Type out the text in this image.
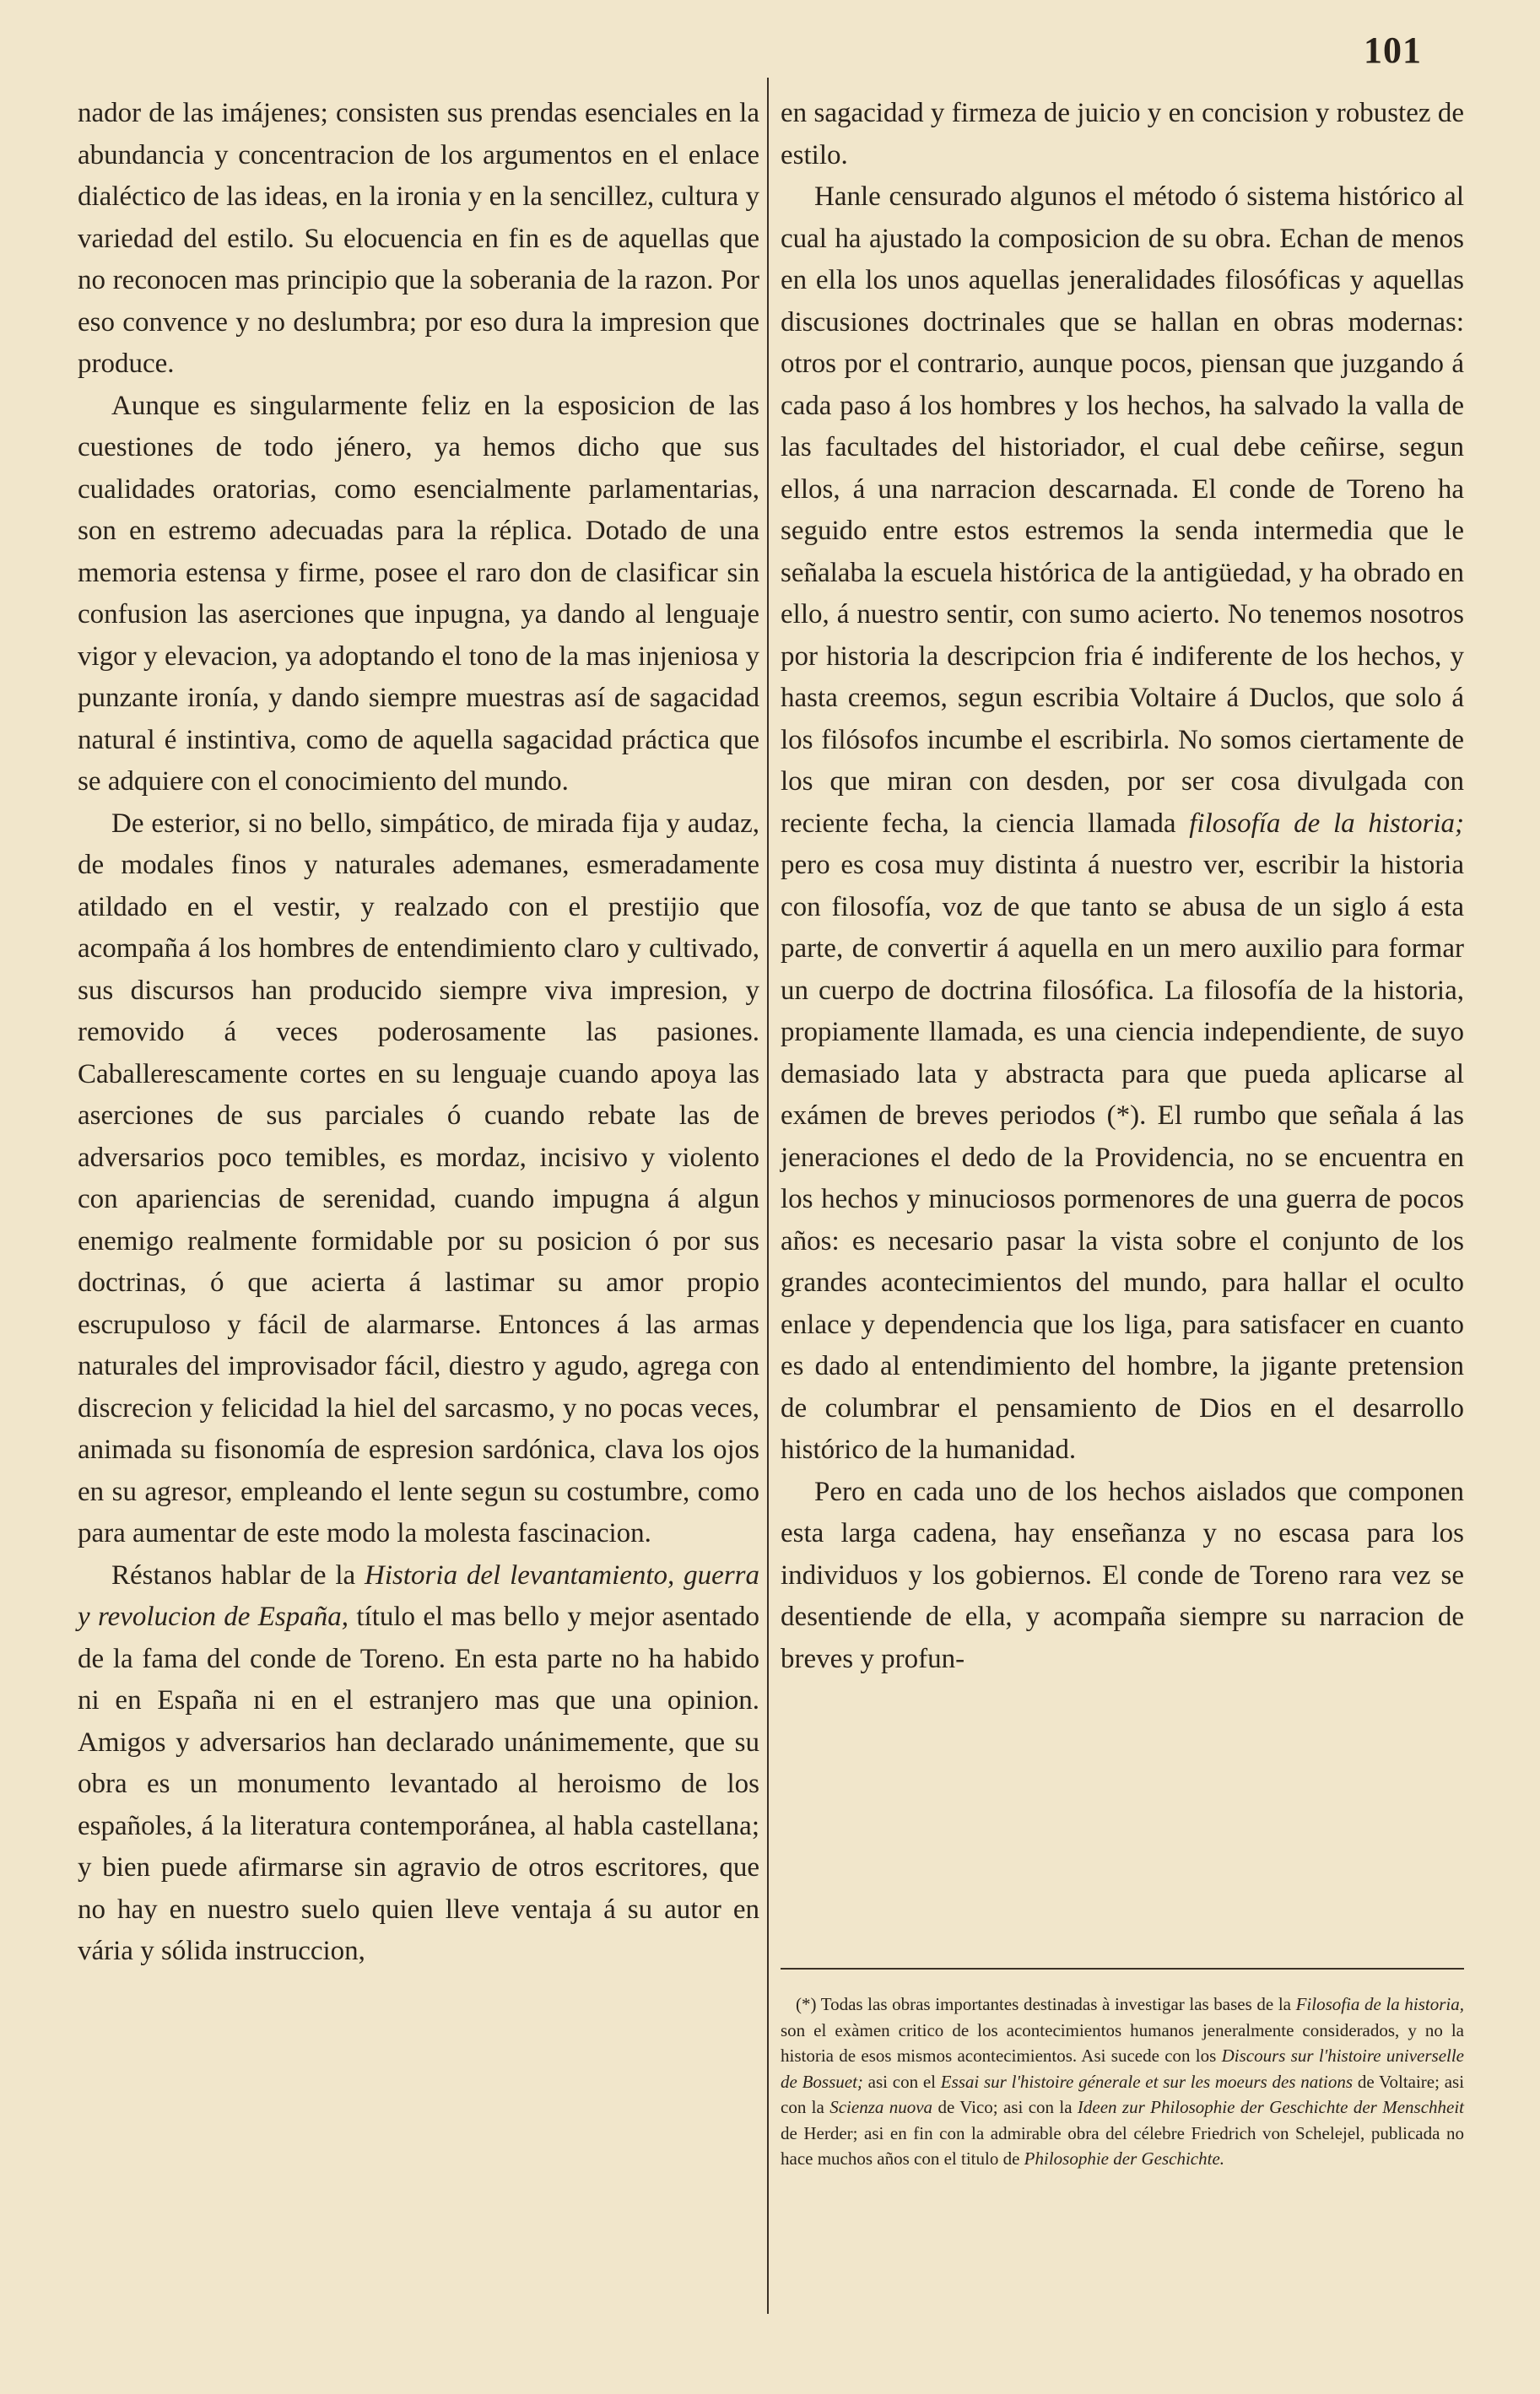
101

nador de las imájenes; consisten sus prendas esenciales en la abundancia y concentracion de los argumentos en el enlace dialéctico de las ideas, en la ironia y en la sencillez, cultura y variedad del estilo. Su elocuencia en fin es de aquellas que no reconocen mas principio que la soberania de la razon. Por eso convence y no deslumbra; por eso dura la impresion que produce.

Aunque es singularmente feliz en la esposicion de las cuestiones de todo jénero, ya hemos dicho que sus cualidades oratorias, como esencialmente parlamentarias, son en estremo adecuadas para la réplica. Dotado de una memoria estensa y firme, posee el raro don de clasificar sin confusion las aserciones que inpugna, ya dando al lenguaje vigor y elevacion, ya adoptando el tono de la mas injeniosa y punzante ironía, y dando siempre muestras así de sagacidad natural é instintiva, como de aquella sagacidad práctica que se adquiere con el conocimiento del mundo.

De esterior, si no bello, simpático, de mirada fija y audaz, de modales finos y naturales ademanes, esmeradamente atildado en el vestir, y realzado con el prestijio que acompaña á los hombres de entendimiento claro y cultivado, sus discursos han producido siempre viva impresion, y removido á veces poderosamente las pasiones. Caballerescamente cortes en su lenguaje cuando apoya las aserciones de sus parciales ó cuando rebate las de adversarios poco temibles, es mordaz, incisivo y violento con apariencias de serenidad, cuando impugna á algun enemigo realmente formidable por su posicion ó por sus doctrinas, ó que acierta á lastimar su amor propio escrupuloso y fácil de alarmarse. Entonces á las armas naturales del improvisador fácil, diestro y agudo, agrega con discrecion y felicidad la hiel del sarcasmo, y no pocas veces, animada su fisonomía de espresion sardónica, clava los ojos en su agresor, empleando el lente segun su costumbre, como para aumentar de este modo la molesta fascinacion.

Réstanos hablar de la Historia del levantamiento, guerra y revolucion de España, título el mas bello y mejor asentado de la fama del conde de Toreno. En esta parte no ha habido ni en España ni en el estranjero mas que una opinion. Amigos y adversarios han declarado unánimemente, que su obra es un monumento levantado al heroismo de los españoles, á la literatura contemporánea, al habla castellana; y bien puede afirmarse sin agravio de otros escritores, que no hay en nuestro suelo quien lleve ventaja á su autor en vária y sólida instruccion,

en sagacidad y firmeza de juicio y en concision y robustez de estilo.

Hanle censurado algunos el método ó sistema histórico al cual ha ajustado la composicion de su obra. Echan de menos en ella los unos aquellas jeneralidades filosóficas y aquellas discusiones doctrinales que se hallan en obras modernas: otros por el contrario, aunque pocos, piensan que juzgando á cada paso á los hombres y los hechos, ha salvado la valla de las facultades del historiador, el cual debe ceñirse, segun ellos, á una narracion descarnada. El conde de Toreno ha seguido entre estos estremos la senda intermedia que le señalaba la escuela histórica de la antigüedad, y ha obrado en ello, á nuestro sentir, con sumo acierto. No tenemos nosotros por historia la descripcion fria é indiferente de los hechos, y hasta creemos, segun escribia Voltaire á Duclos, que solo á los filósofos incumbe el escribirla. No somos ciertamente de los que miran con desden, por ser cosa divulgada con reciente fecha, la ciencia llamada filosofía de la historia; pero es cosa muy distinta á nuestro ver, escribir la historia con filosofía, voz de que tanto se abusa de un siglo á esta parte, de convertir á aquella en un mero auxilio para formar un cuerpo de doctrina filosófica. La filosofía de la historia, propiamente llamada, es una ciencia independiente, de suyo demasiado lata y abstracta para que pueda aplicarse al exámen de breves periodos (*). El rumbo que señala á las jeneraciones el dedo de la Providencia, no se encuentra en los hechos y minuciosos pormenores de una guerra de pocos años: es necesario pasar la vista sobre el conjunto de los grandes acontecimientos del mundo, para hallar el oculto enlace y dependencia que los liga, para satisfacer en cuanto es dado al entendimiento del hombre, la jigante pretension de columbrar el pensamiento de Dios en el desarrollo histórico de la humanidad.

Pero en cada uno de los hechos aislados que componen esta larga cadena, hay enseñanza y no escasa para los individuos y los gobiernos. El conde de Toreno rara vez se desentiende de ella, y acompaña siempre su narracion de breves y profun-

(*) Todas las obras importantes destinadas à investigar las bases de la Filosofia de la historia, son el exàmen critico de los acontecimientos humanos jeneralmente considerados, y no la historia de esos mismos acontecimientos. Asi sucede con los Discours sur l'histoire universelle de Bossuet; asi con el Essai sur l'histoire génerale et sur les moeurs des nations de Voltaire; asi con la Scienza nuova de Vico; asi con la Ideen zur Philosophie der Geschichte der Menschheit de Herder; asi en fin con la admirable obra del célebre Friedrich von Schelejel, publicada no hace muchos años con el titulo de Philosophie der Geschichte.
